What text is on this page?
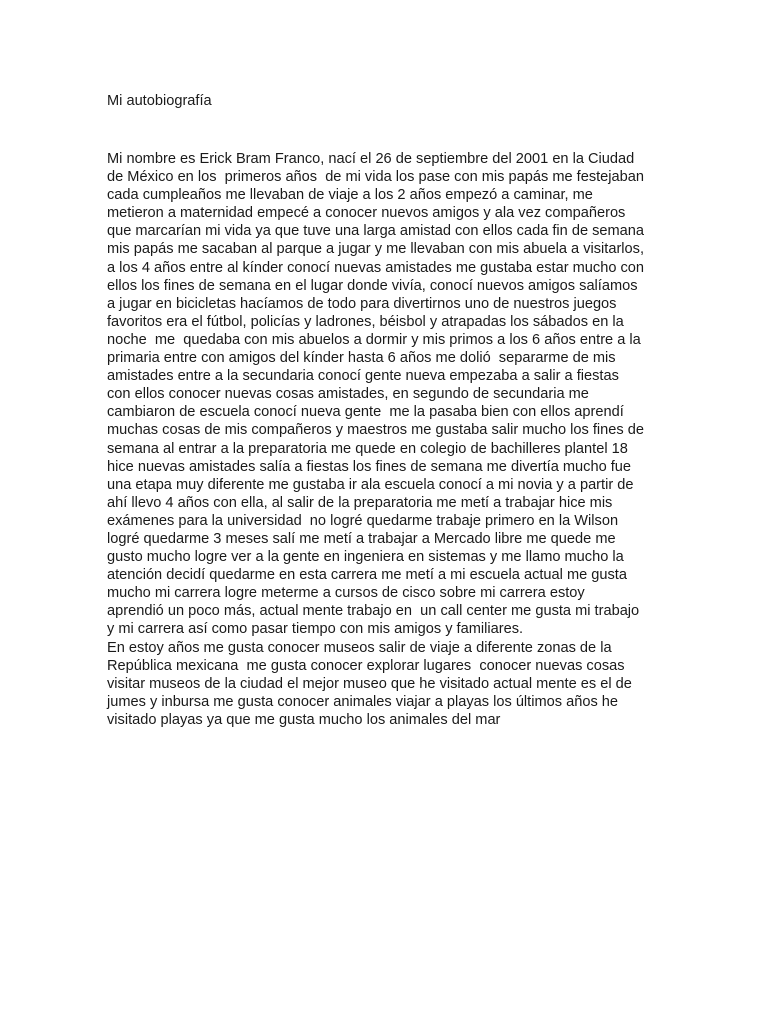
Mi autobiografía
Mi nombre es Erick Bram Franco, nací el 26 de septiembre del 2001 en la Ciudad
de México en los  primeros años  de mi vida los pase con mis papás me festejaban
cada cumpleaños me llevaban de viaje a los 2 años empezó a caminar, me
metieron a maternidad empecé a conocer nuevos amigos y ala vez compañeros
que marcarían mi vida ya que tuve una larga amistad con ellos cada fin de semana
mis papás me sacaban al parque a jugar y me llevaban con mis abuela a visitarlos,
a los 4 años entre al kínder conocí nuevas amistades me gustaba estar mucho con
ellos los fines de semana en el lugar donde vivía, conocí nuevos amigos salíamos
a jugar en bicicletas hacíamos de todo para divertirnos uno de nuestros juegos
favoritos era el fútbol, policías y ladrones, béisbol y atrapadas los sábados en la
noche  me  quedaba con mis abuelos a dormir y mis primos a los 6 años entre a la
primaria entre con amigos del kínder hasta 6 años me dolió  separarme de mis
amistades entre a la secundaria conocí gente nueva empezaba a salir a fiestas
con ellos conocer nuevas cosas amistades, en segundo de secundaria me
cambiaron de escuela conocí nueva gente  me la pasaba bien con ellos aprendí
muchas cosas de mis compañeros y maestros me gustaba salir mucho los fines de
semana al entrar a la preparatoria me quede en colegio de bachilleres plantel 18
hice nuevas amistades salía a fiestas los fines de semana me divertía mucho fue
una etapa muy diferente me gustaba ir ala escuela conocí a mi novia y a partir de
ahí llevo 4 años con ella, al salir de la preparatoria me metí a trabajar hice mis
exámenes para la universidad  no logré quedarme trabaje primero en la Wilson
logré quedarme 3 meses salí me metí a trabajar a Mercado libre me quede me
gusto mucho logre ver a la gente en ingeniera en sistemas y me llamo mucho la
atención decidí quedarme en esta carrera me metí a mi escuela actual me gusta
mucho mi carrera logre meterme a cursos de cisco sobre mi carrera estoy
aprendió un poco más, actual mente trabajo en  un call center me gusta mi trabajo
y mi carrera así como pasar tiempo con mis amigos y familiares.
En estoy años me gusta conocer museos salir de viaje a diferente zonas de la
República mexicana  me gusta conocer explorar lugares  conocer nuevas cosas
visitar museos de la ciudad el mejor museo que he visitado actual mente es el de
jumes y inbursa me gusta conocer animales viajar a playas los últimos años he
visitado playas ya que me gusta mucho los animales del mar
